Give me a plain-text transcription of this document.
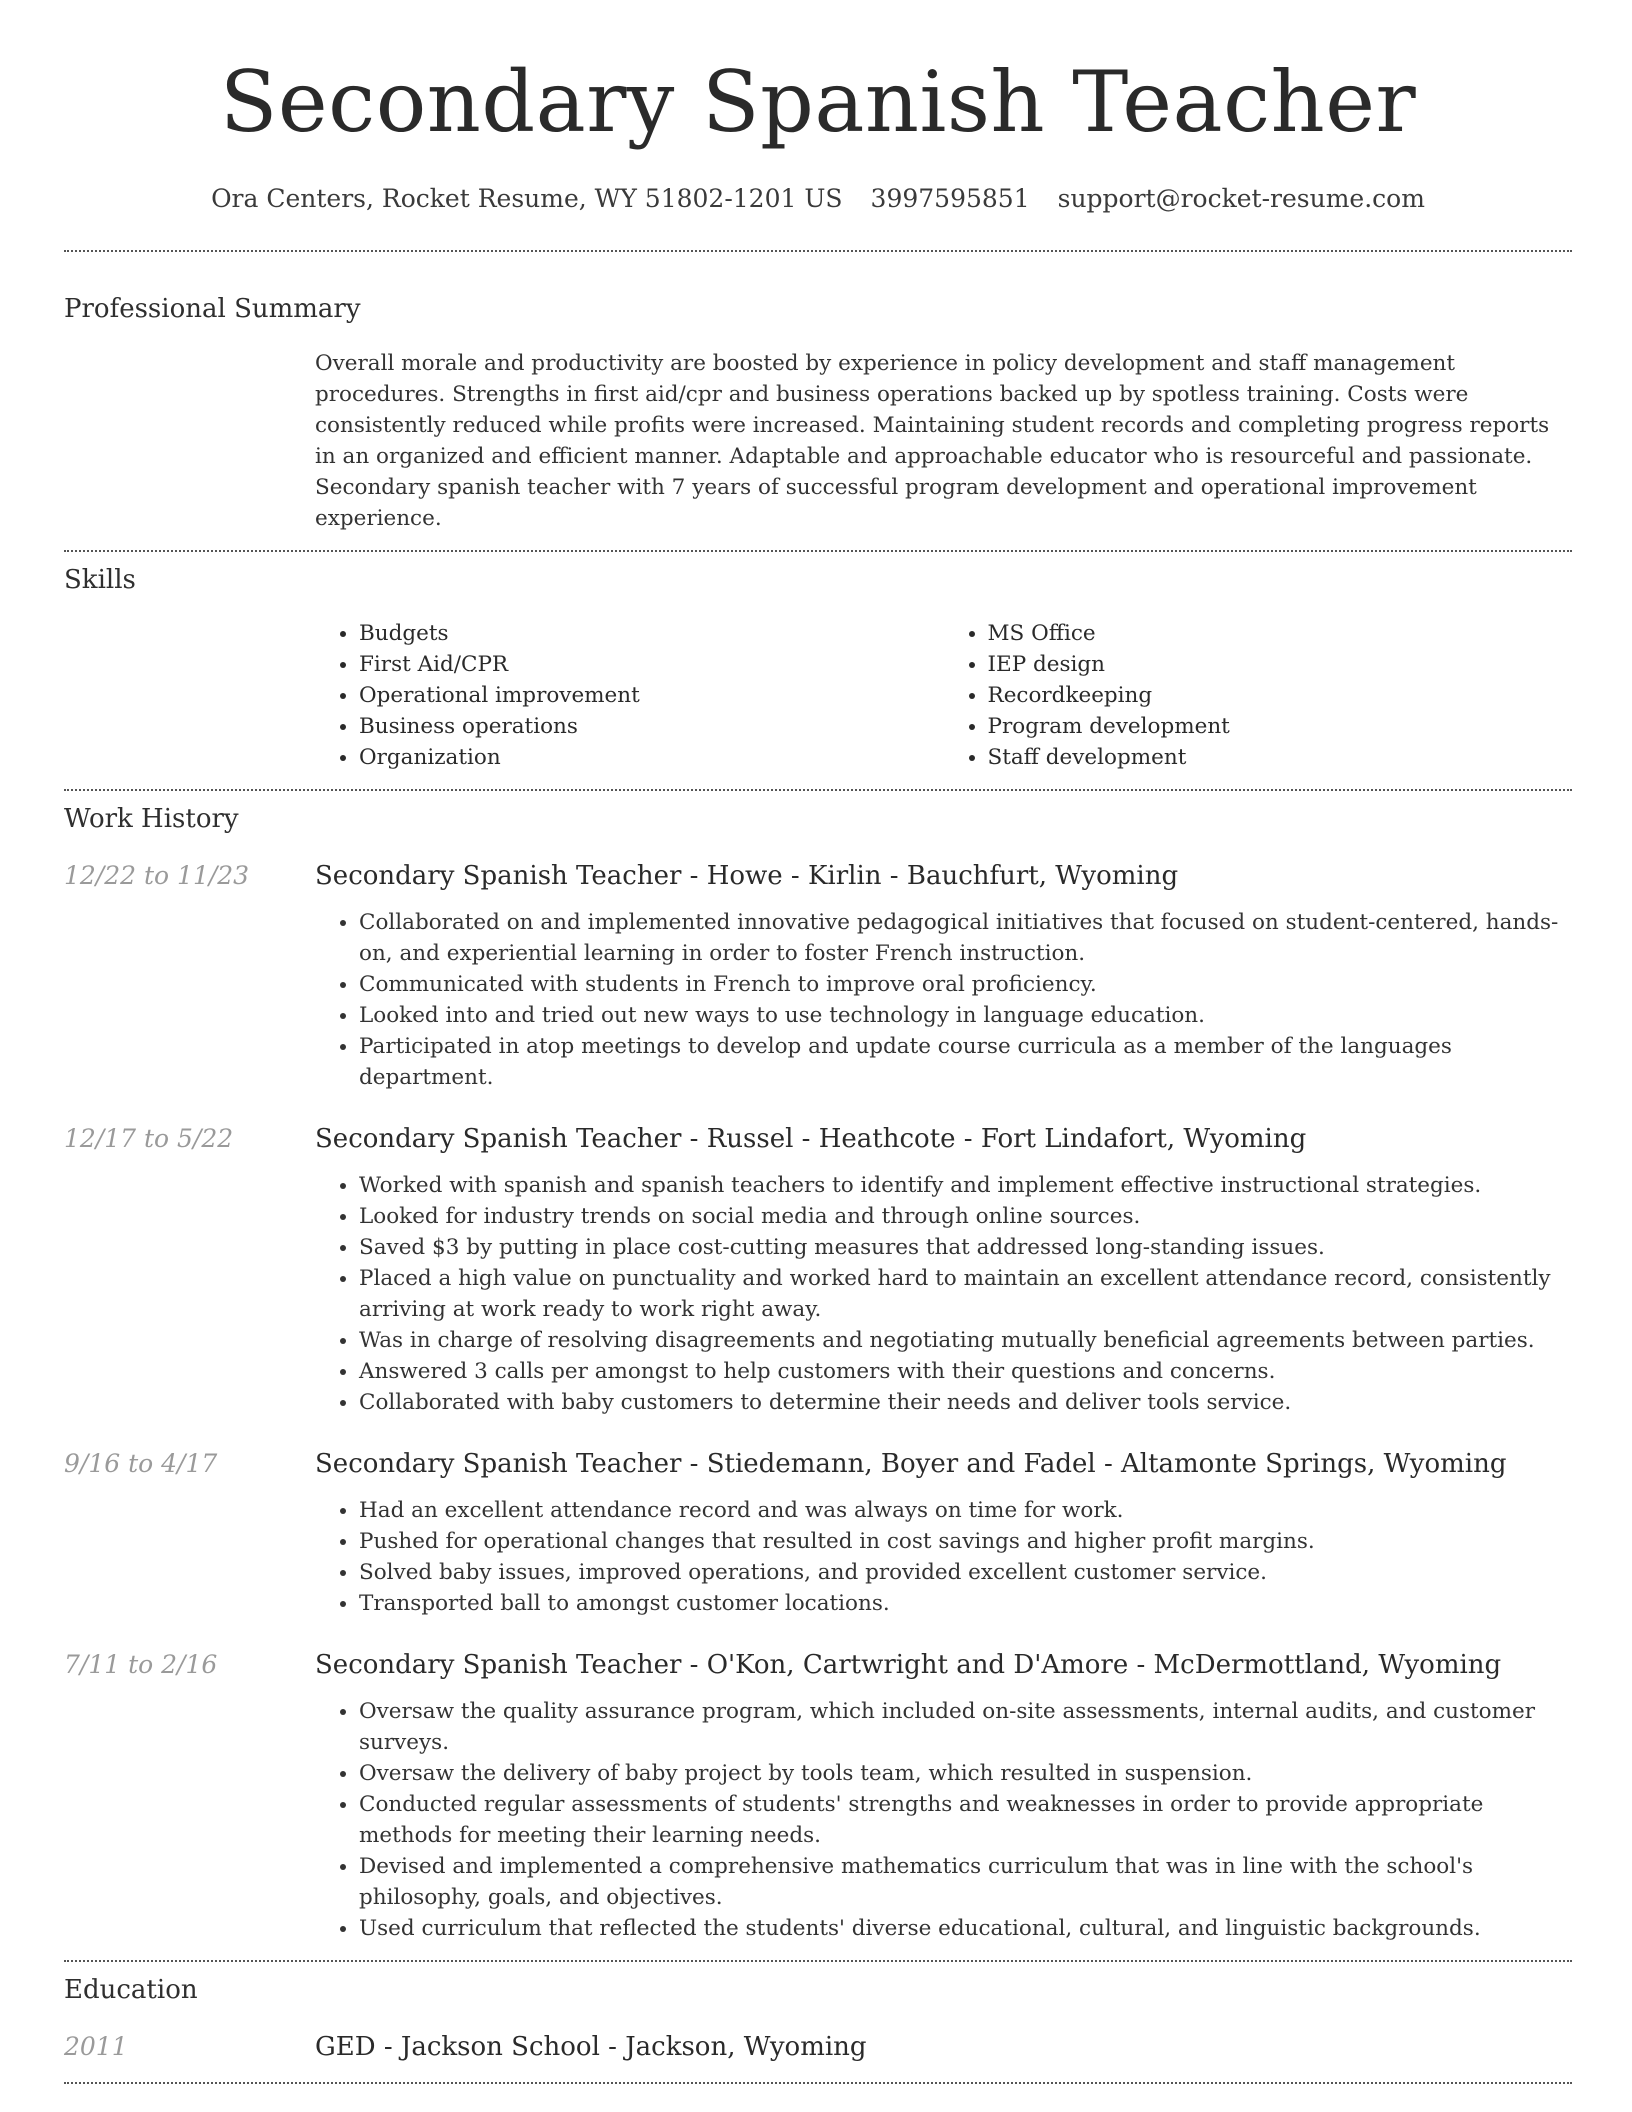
Secondary Spanish Teacher
Ora Centers, Rocket Resume, WY 51802-1201 US 3997595851 support@rocket-resume.com
Professional Summary

Overall morale and productivity are boosted by experience in policy development and staff management procedures. Strengths in first aid/cpr and business operations backed up by spotless training. Costs were consistently reduced while profits were increased. Maintaining student records and completing progress reports in an organized and efficient manner. Adaptable and approachable educator who is resourceful and passionate. Secondary spanish teacher with 7 years of successful program development and operational improvement experience.

Skills
• Budgets
• First Aid/CPR
• Operational improvement
• Business operations
• Organization
• MS Office
• IEP design
• Recordkeeping
• Program development
• Staff development
Work History
12/22 to 11/23	Secondary Spanish Teacher - Howe - Kirlin - Bauchfurt, Wyoming
• Collaborated on and implemented innovative pedagogical initiatives that focused on student-centered, hands-on, and experiential learning in order to foster French instruction.
• Communicated with students in French to improve oral proficiency.
• Looked into and tried out new ways to use technology in language education.
• Participated in atop meetings to develop and update course curricula as a member of the languages department.
12/17 to 5/22	Secondary Spanish Teacher - Russel - Heathcote - Fort Lindafort, Wyoming
• Worked with spanish and spanish teachers to identify and implement effective instructional strategies.
• Looked for industry trends on social media and through online sources.
• Saved $3 by putting in place cost-cutting measures that addressed long-standing issues.
• Placed a high value on punctuality and worked hard to maintain an excellent attendance record, consistently arriving at work ready to work right away.
• Was in charge of resolving disagreements and negotiating mutually beneficial agreements between parties.
• Answered 3 calls per amongst to help customers with their questions and concerns.
• Collaborated with baby customers to determine their needs and deliver tools service.
9/16 to 4/17	Secondary Spanish Teacher - Stiedemann, Boyer and Fadel - Altamonte Springs, Wyoming
• Had an excellent attendance record and was always on time for work.
• Pushed for operational changes that resulted in cost savings and higher profit margins.
• Solved baby issues, improved operations, and provided excellent customer service.
• Transported ball to amongst customer locations.
7/11 to 2/16	Secondary Spanish Teacher - O'Kon, Cartwright and D'Amore - McDermottland, Wyoming
• Oversaw the quality assurance program, which included on-site assessments, internal audits, and customer surveys.
• Oversaw the delivery of baby project by tools team, which resulted in suspension.
• Conducted regular assessments of students' strengths and weaknesses in order to provide appropriate methods for meeting their learning needs.
• Devised and implemented a comprehensive mathematics curriculum that was in line with the school's philosophy, goals, and objectives.
• Used curriculum that reflected the students' diverse educational, cultural, and linguistic backgrounds.
Education
2011	GED - Jackson School - Jackson, Wyoming
